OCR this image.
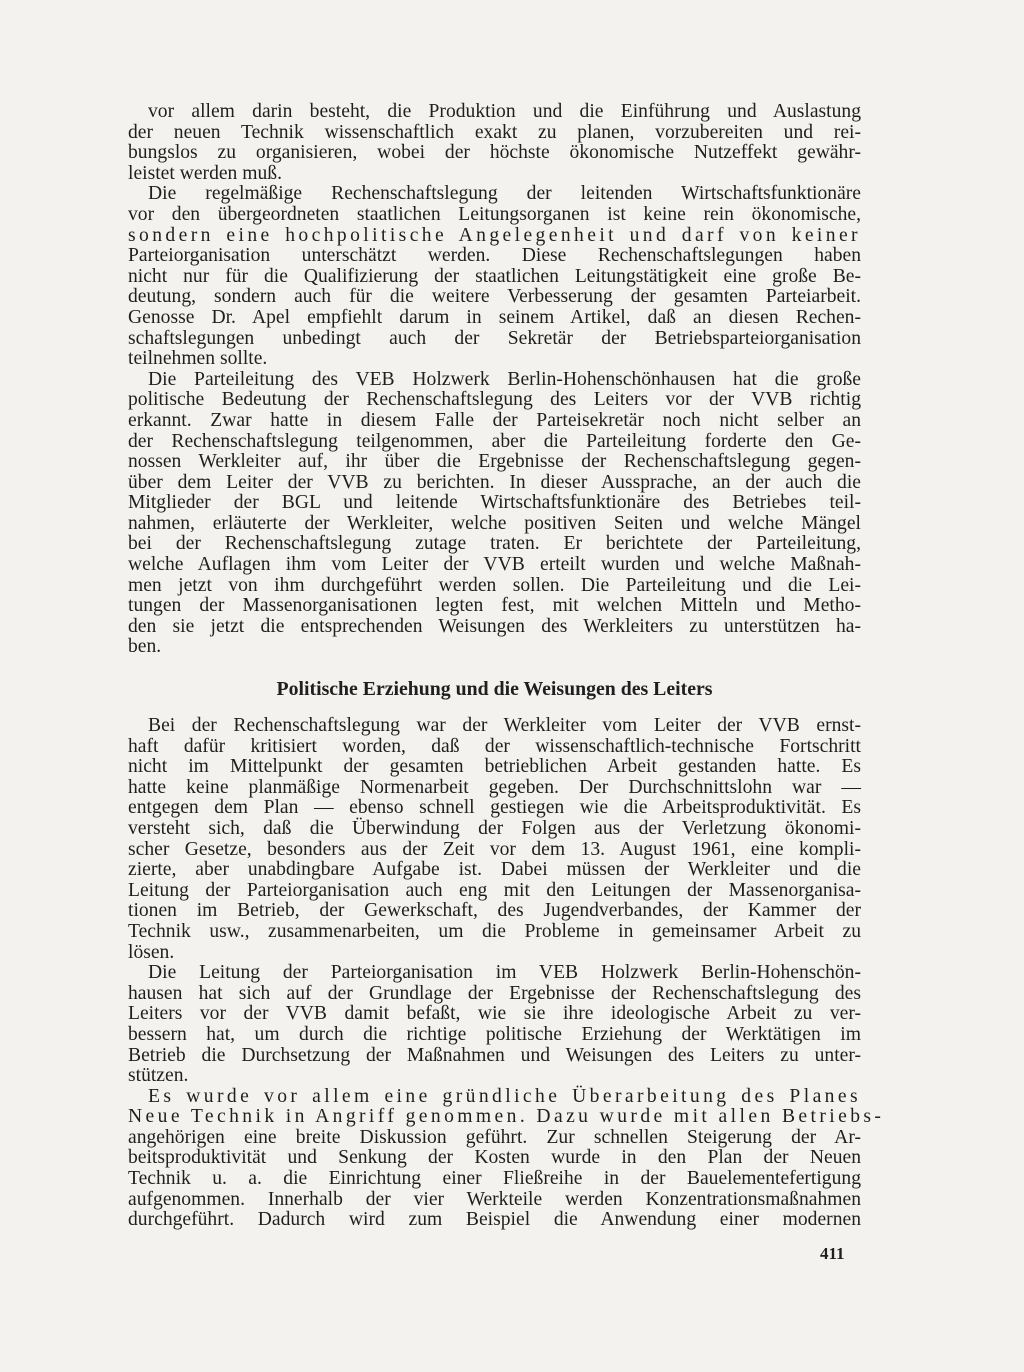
vor allem darin besteht, die Produktion und die Einführung und Auslastung
der neuen Technik wissenschaftlich exakt zu planen, vorzubereiten und rei-
bungslos zu organisieren, wobei der höchste ökonomische Nutzeffekt gewähr-
leistet werden muß.
Die regelmäßige Rechenschaftslegung der leitenden Wirtschaftsfunktionäre
vor den übergeordneten staatlichen Leitungsorganen ist keine rein ökonomische,
sondern eine hochpolitische Angelegenheit und darf von keiner
Parteiorganisation unterschätzt werden. Diese Rechenschaftslegungen haben
nicht nur für die Qualifizierung der staatlichen Leitungstätigkeit eine große Be-
deutung, sondern auch für die weitere Verbesserung der gesamten Parteiarbeit.
Genosse Dr. Apel empfiehlt darum in seinem Artikel, daß an diesen Rechen-
schaftslegungen unbedingt auch der Sekretär der Betriebsparteiorganisation
teilnehmen sollte.
Die Parteileitung des VEB Holzwerk Berlin-Hohenschönhausen hat die große
politische Bedeutung der Rechenschaftslegung des Leiters vor der VVB richtig
erkannt. Zwar hatte in diesem Falle der Parteisekretär noch nicht selber an
der Rechenschaftslegung teilgenommen, aber die Parteileitung forderte den Ge-
nossen Werkleiter auf, ihr über die Ergebnisse der Rechenschaftslegung gegen-
über dem Leiter der VVB zu berichten. In dieser Aussprache, an der auch die
Mitglieder der BGL und leitende Wirtschaftsfunktionäre des Betriebes teil-
nahmen, erläuterte der Werkleiter, welche positiven Seiten und welche Mängel
bei der Rechenschaftslegung zutage traten. Er berichtete der Parteileitung,
welche Auflagen ihm vom Leiter der VVB erteilt wurden und welche Maßnah-
men jetzt von ihm durchgeführt werden sollen. Die Parteileitung und die Lei-
tungen der Massenorganisationen legten fest, mit welchen Mitteln und Metho-
den sie jetzt die entsprechenden Weisungen des Werkleiters zu unterstützen ha-
ben.
Politische Erziehung und die Weisungen des Leiters
Bei der Rechenschaftslegung war der Werkleiter vom Leiter der VVB ernst-
haft dafür kritisiert worden, daß der wissenschaftlich-technische Fortschritt
nicht im Mittelpunkt der gesamten betrieblichen Arbeit gestanden hatte. Es
hatte keine planmäßige Normenarbeit gegeben. Der Durchschnittslohn war —
entgegen dem Plan — ebenso schnell gestiegen wie die Arbeitsproduktivität. Es
versteht sich, daß die Überwindung der Folgen aus der Verletzung ökonomi-
scher Gesetze, besonders aus der Zeit vor dem 13. August 1961, eine kompli-
zierte, aber unabdingbare Aufgabe ist. Dabei müssen der Werkleiter und die
Leitung der Parteiorganisation auch eng mit den Leitungen der Massenorganisa-
tionen im Betrieb, der Gewerkschaft, des Jugendverbandes, der Kammer der
Technik usw., zusammenarbeiten, um die Probleme in gemeinsamer Arbeit zu
lösen.
Die Leitung der Parteiorganisation im VEB Holzwerk Berlin-Hohenschön-
hausen hat sich auf der Grundlage der Ergebnisse der Rechenschaftslegung des
Leiters vor der VVB damit befaßt, wie sie ihre ideologische Arbeit zu ver-
bessern hat, um durch die richtige politische Erziehung der Werktätigen im
Betrieb die Durchsetzung der Maßnahmen und Weisungen des Leiters zu unter-
stützen.
Es wurde vor allem eine gründliche Überarbeitung des Planes
Neue Technik in Angriff genommen. Dazu wurde mit allen Betriebs-
angehörigen eine breite Diskussion geführt. Zur schnellen Steigerung der Ar-
beitsproduktivität und Senkung der Kosten wurde in den Plan der Neuen
Technik u. a. die Einrichtung einer Fließreihe in der Bauelementefertigung
aufgenommen. Innerhalb der vier Werkteile werden Konzentrationsmaßnahmen
durchgeführt. Dadurch wird zum Beispiel die Anwendung einer modernen
411
